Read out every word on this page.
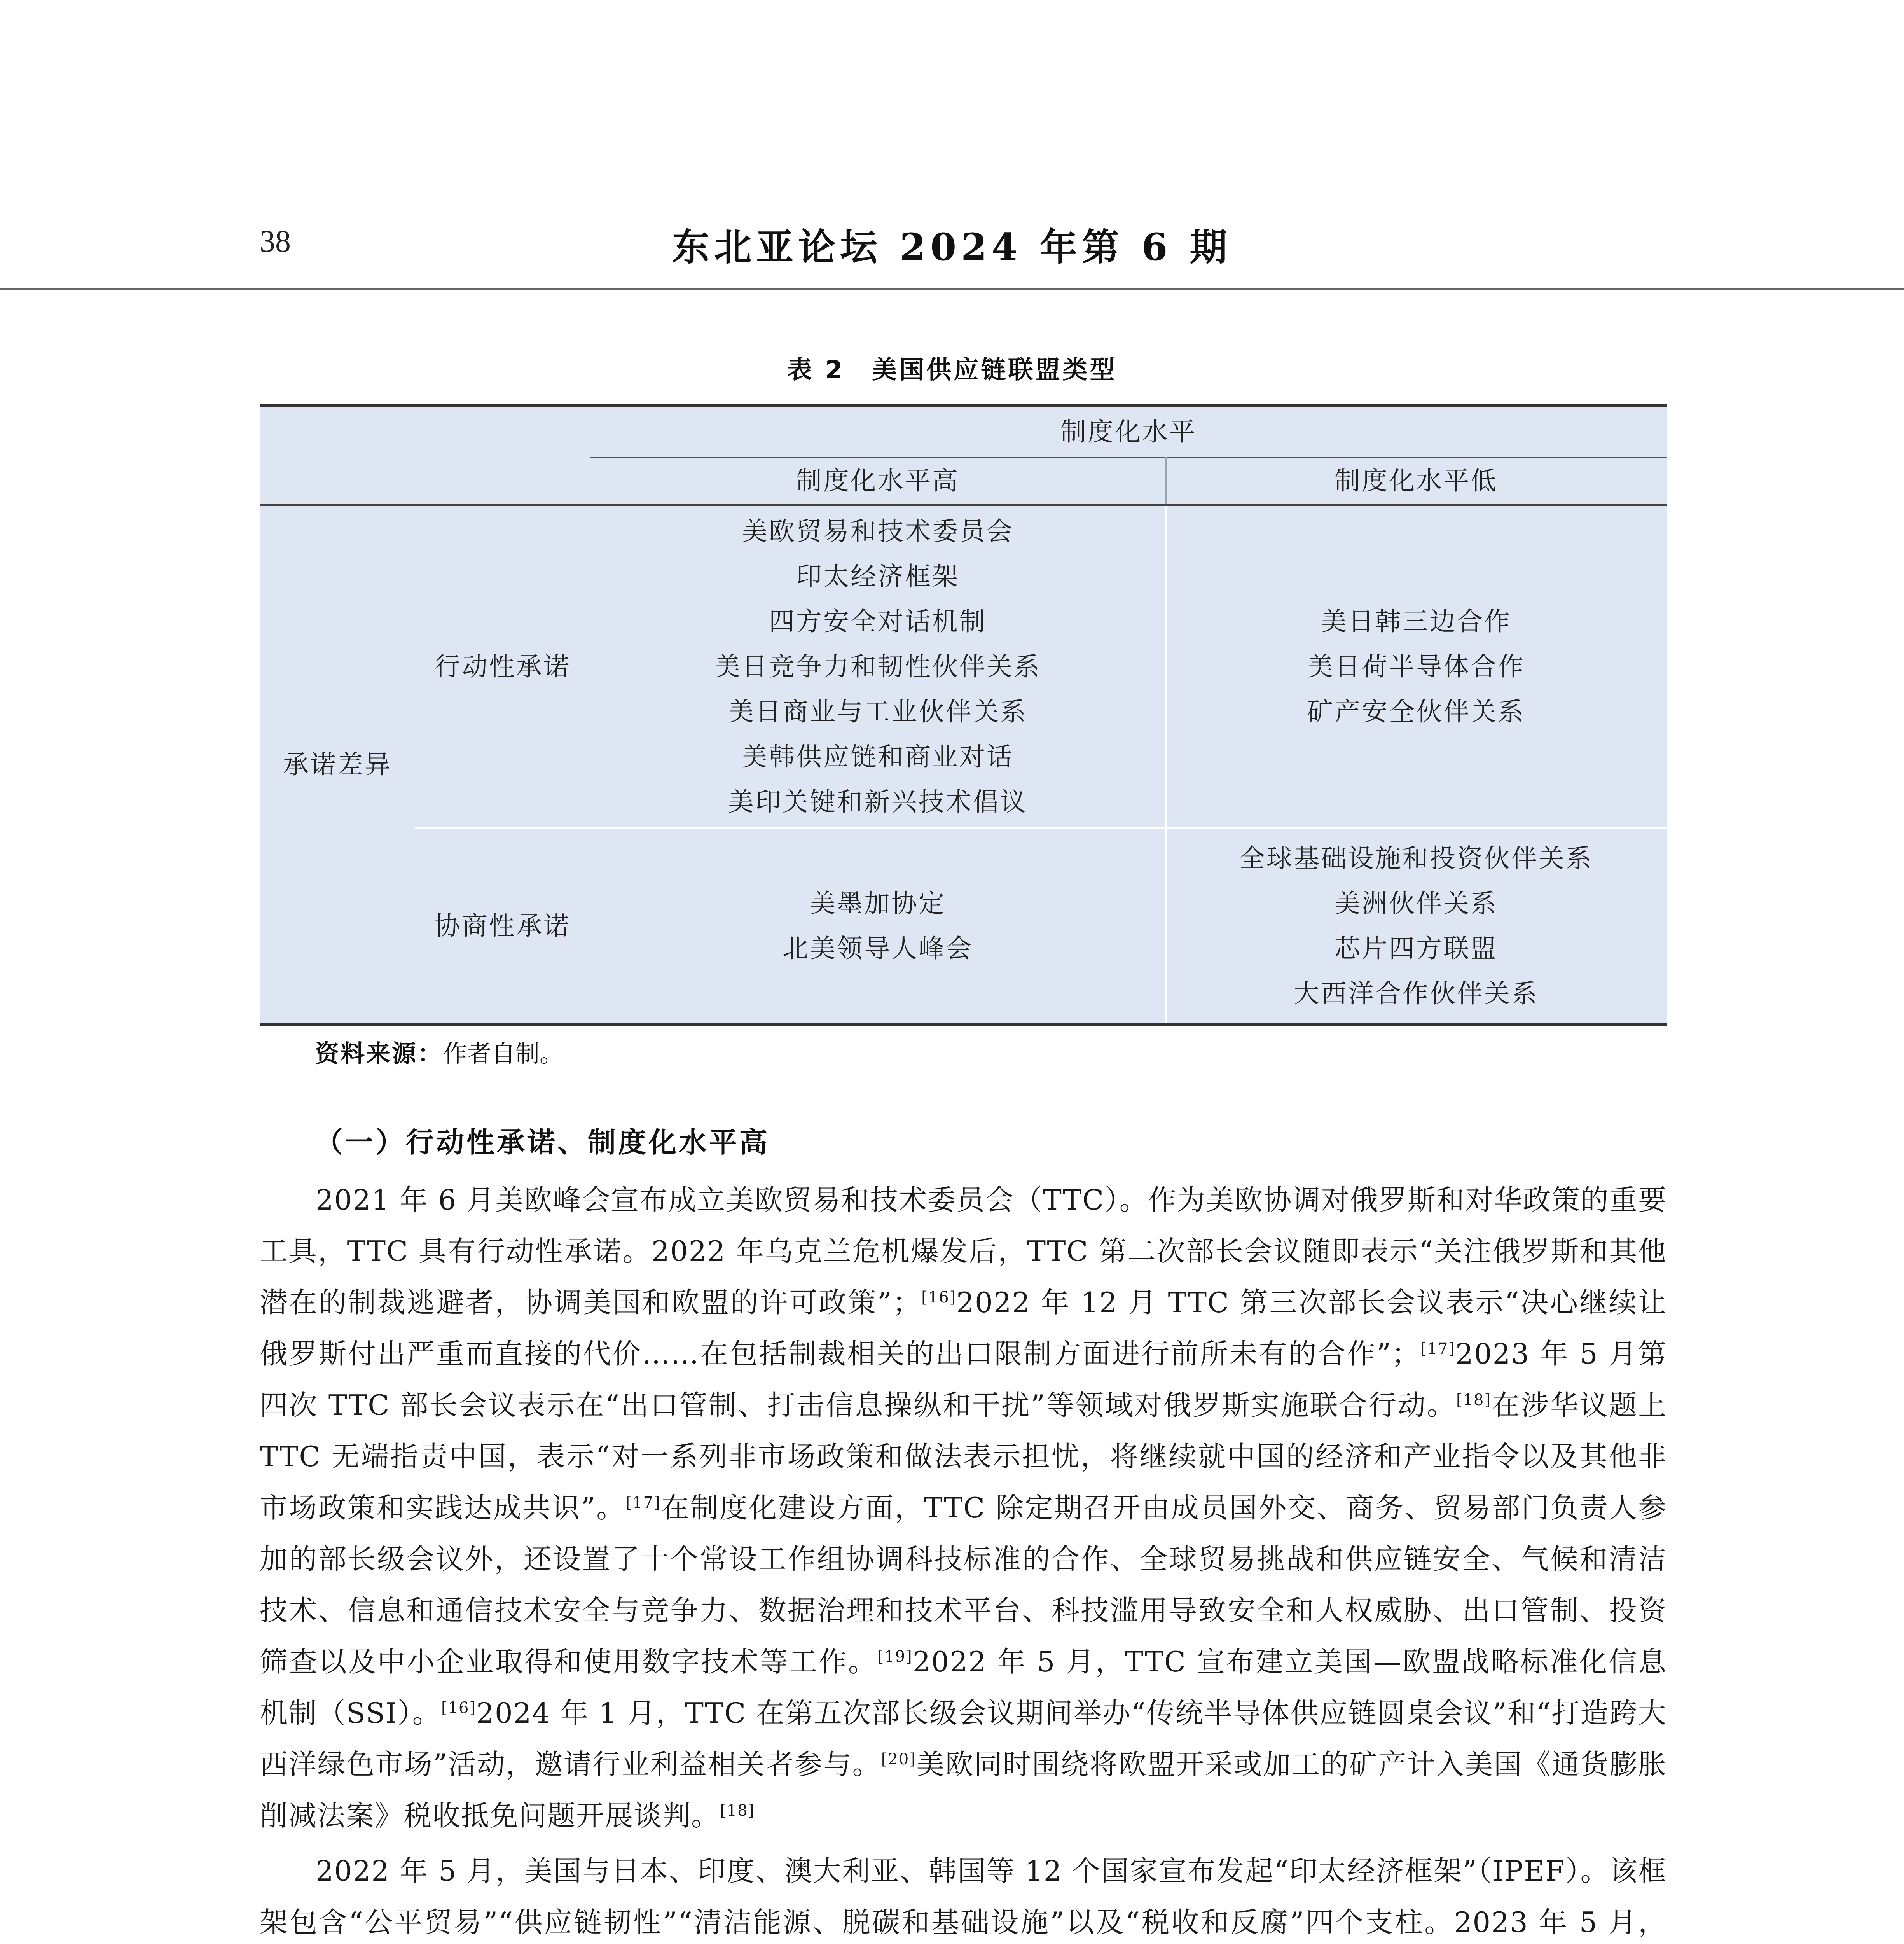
38	东北亚论坛 2024 年第 6 期
表 2　美国供应链联盟类型
制度化水平
制度化水平高	制度化水平低
承诺差异
行动性承诺
美欧贸易和技术委员会
印太经济框架
四方安全对话机制
美日竞争力和韧性伙伴关系
美日商业与工业伙伴关系
美韩供应链和商业对话
美印关键和新兴技术倡议
美日韩三边合作
美日荷半导体合作
矿产安全伙伴关系
协商性承诺
美墨加协定
北美领导人峰会
全球基础设施和投资伙伴关系
美洲伙伴关系
芯片四方联盟
大西洋合作伙伴关系
资料来源：作者自制。
（一）行动性承诺、制度化水平高

2021 年 6 月美欧峰会宣布成立美欧贸易和技术委员会（TTC）。作为美欧协调对俄罗斯和对华政策的重要工具，TTC 具有行动性承诺。2022 年乌克兰危机爆发后，TTC 第二次部长会议随即表示“关注俄罗斯和其他潜在的制裁逃避者，协调美国和欧盟的许可政策”；[16]2022 年 12 月 TTC 第三次部长会议表示“决心继续让俄罗斯付出严重而直接的代价……在包括制裁相关的出口限制方面进行前所未有的合作”；[17]2023 年 5 月第四次 TTC 部长会议表示在“出口管制、打击信息操纵和干扰”等领域对俄罗斯实施联合行动。[18]在涉华议题上 TTC 无端指责中国，表示“对一系列非市场政策和做法表示担忧，将继续就中国的经济和产业指令以及其他非市场政策和实践达成共识”。[17]在制度化建设方面，TTC 除定期召开由成员国外交、商务、贸易部门负责人参加的部长级会议外，还设置了十个常设工作组协调科技标准的合作、全球贸易挑战和供应链安全、气候和清洁技术、信息和通信技术安全与竞争力、数据治理和技术平台、科技滥用导致安全和人权威胁、出口管制、投资筛查以及中小企业取得和使用数字技术等工作。[19]2022 年 5 月，TTC 宣布建立美国—欧盟战略标准化信息机制（SSI）。[16]2024 年 1 月，TTC 在第五次部长级会议期间举办“传统半导体供应链圆桌会议”和“打造跨大西洋绿色市场”活动，邀请行业利益相关者参与。[20]美欧同时围绕将欧盟开采或加工的矿产计入美国《通货膨胀削减法案》税收抵免问题开展谈判。[18]

2022 年 5 月，美国与日本、印度、澳大利亚、韩国等 12 个国家宣布发起“印太经济框架”（IPEF）。该框架包含“公平贸易”“供应链韧性”“清洁能源、脱碳和基础设施”以及“税收和反腐”四个支柱。2023 年 5 月，
